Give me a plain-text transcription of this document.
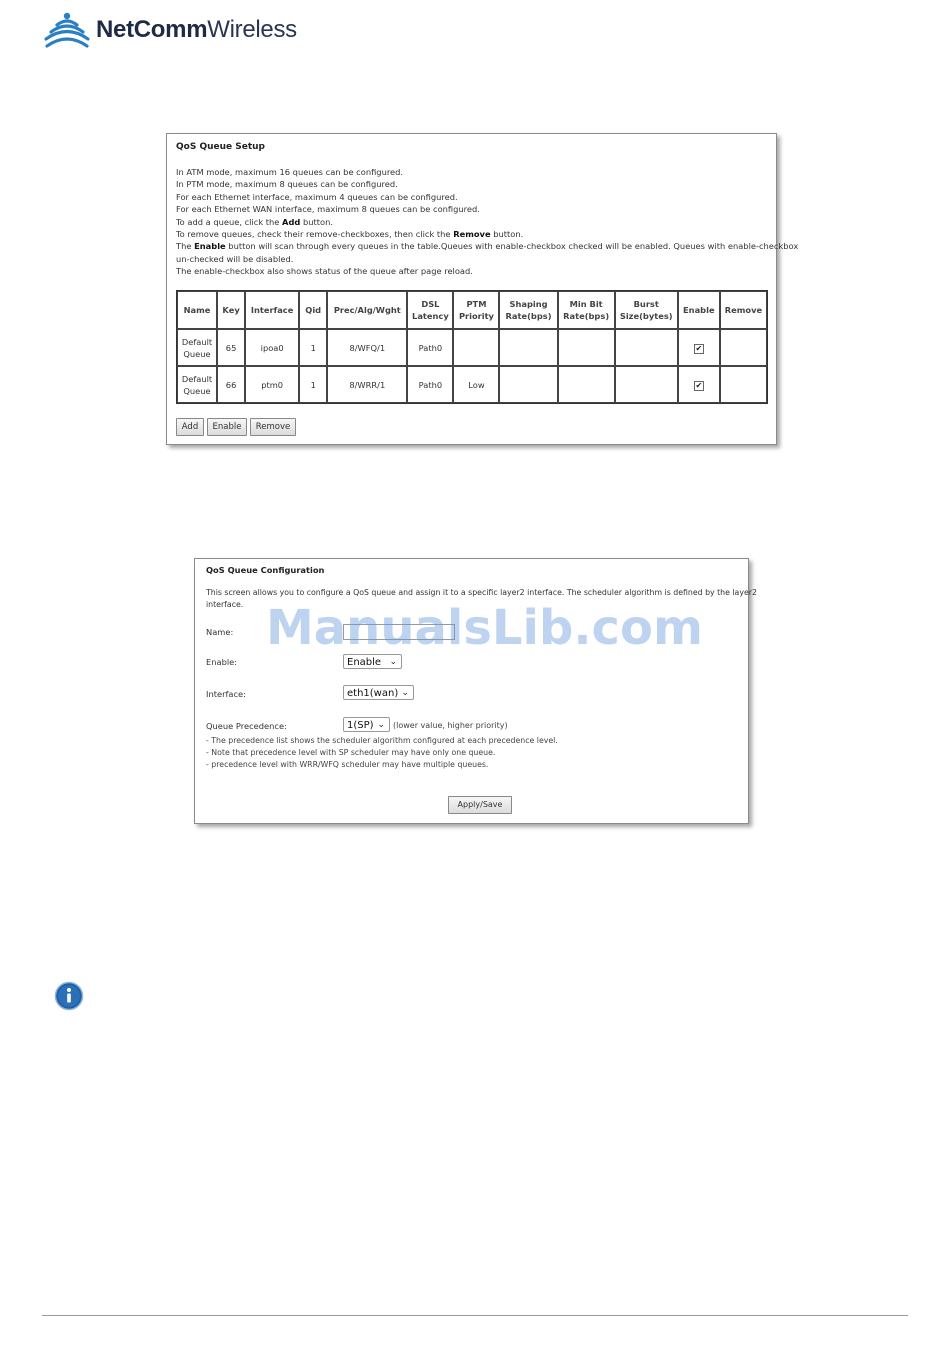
NetCommWireless
QoS Queue Setup
In ATM mode, maximum 16 queues can be configured.
In PTM mode, maximum 8 queues can be configured.
For each Ethernet interface, maximum 4 queues can be configured.
For each Ethernet WAN interface, maximum 8 queues can be configured.
To add a queue, click the Add button.
To remove queues, check their remove-checkboxes, then click the Remove button.
The Enable button will scan through every queues in the table.Queues with enable-checkbox checked will be enabled. Queues with enable-checkbox
un-checked will be disabled.
The enable-checkbox also shows status of the queue after page reload.
Name	Key	Interface	Qid	Prec/Alg/Wght	DSL Latency	PTM Priority	Shaping Rate(bps)	Min Bit Rate(bps)	Burst Size(bytes)	Enable	Remove
Default Queue	65	ipoa0	1	8/WFQ/1	Path0					✔	
Default Queue	66	ptm0	1	8/WRR/1	Path0	Low				✔	
Add	Enable	Remove
QoS Queue Configuration
This screen allows you to configure a QoS queue and assign it to a specific layer2 interface. The scheduler algorithm is defined by the layer2
interface.
Name:
Enable:	Enable ⌄
Interface:	eth1(wan) ⌄
Queue Precedence:	1(SP) ⌄ (lower value, higher priority)
- The precedence list shows the scheduler algorithm configured at each precedence level.
- Note that precedence level with SP scheduler may have only one queue.
- precedence level with WRR/WFQ scheduler may have multiple queues.
Apply/Save
ManualsLib.com
